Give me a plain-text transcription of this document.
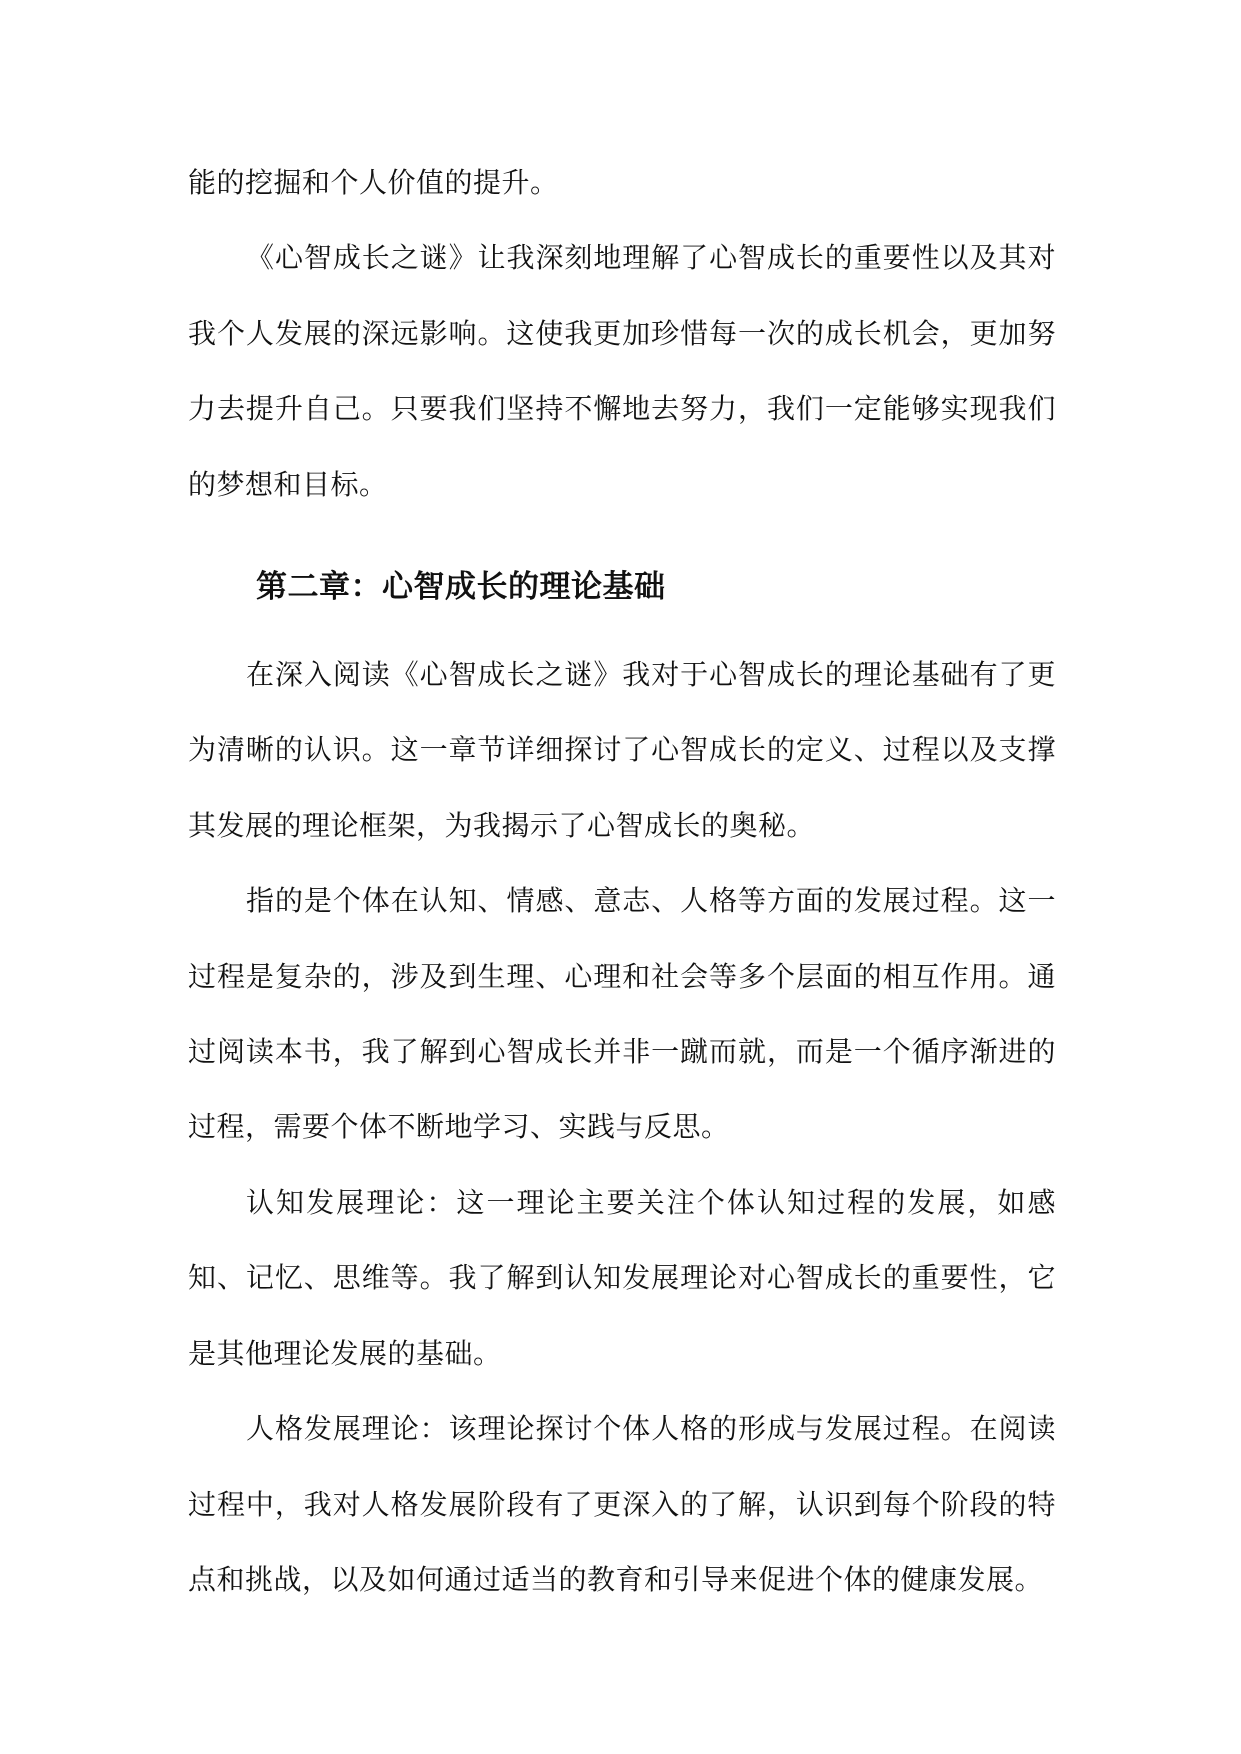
能的挖掘和个人价值的提升。

《心智成长之谜》让我深刻地理解了心智成长的重要性以及其对我个人发展的深远影响。这使我更加珍惜每一次的成长机会，更加努力去提升自己。只要我们坚持不懈地去努力，我们一定能够实现我们的梦想和目标。

第二章：心智成长的理论基础

在深入阅读《心智成长之谜》我对于心智成长的理论基础有了更为清晰的认识。这一章节详细探讨了心智成长的定义、过程以及支撑其发展的理论框架，为我揭示了心智成长的奥秘。

指的是个体在认知、情感、意志、人格等方面的发展过程。这一过程是复杂的，涉及到生理、心理和社会等多个层面的相互作用。通过阅读本书，我了解到心智成长并非一蹴而就，而是一个循序渐进的过程，需要个体不断地学习、实践与反思。

认知发展理论：这一理论主要关注个体认知过程的发展，如感知、记忆、思维等。我了解到认知发展理论对心智成长的重要性，它是其他理论发展的基础。

人格发展理论：该理论探讨个体人格的形成与发展过程。在阅读过程中，我对人格发展阶段有了更深入的了解，认识到每个阶段的特点和挑战，以及如何通过适当的教育和引导来促进个体的健康发展。
